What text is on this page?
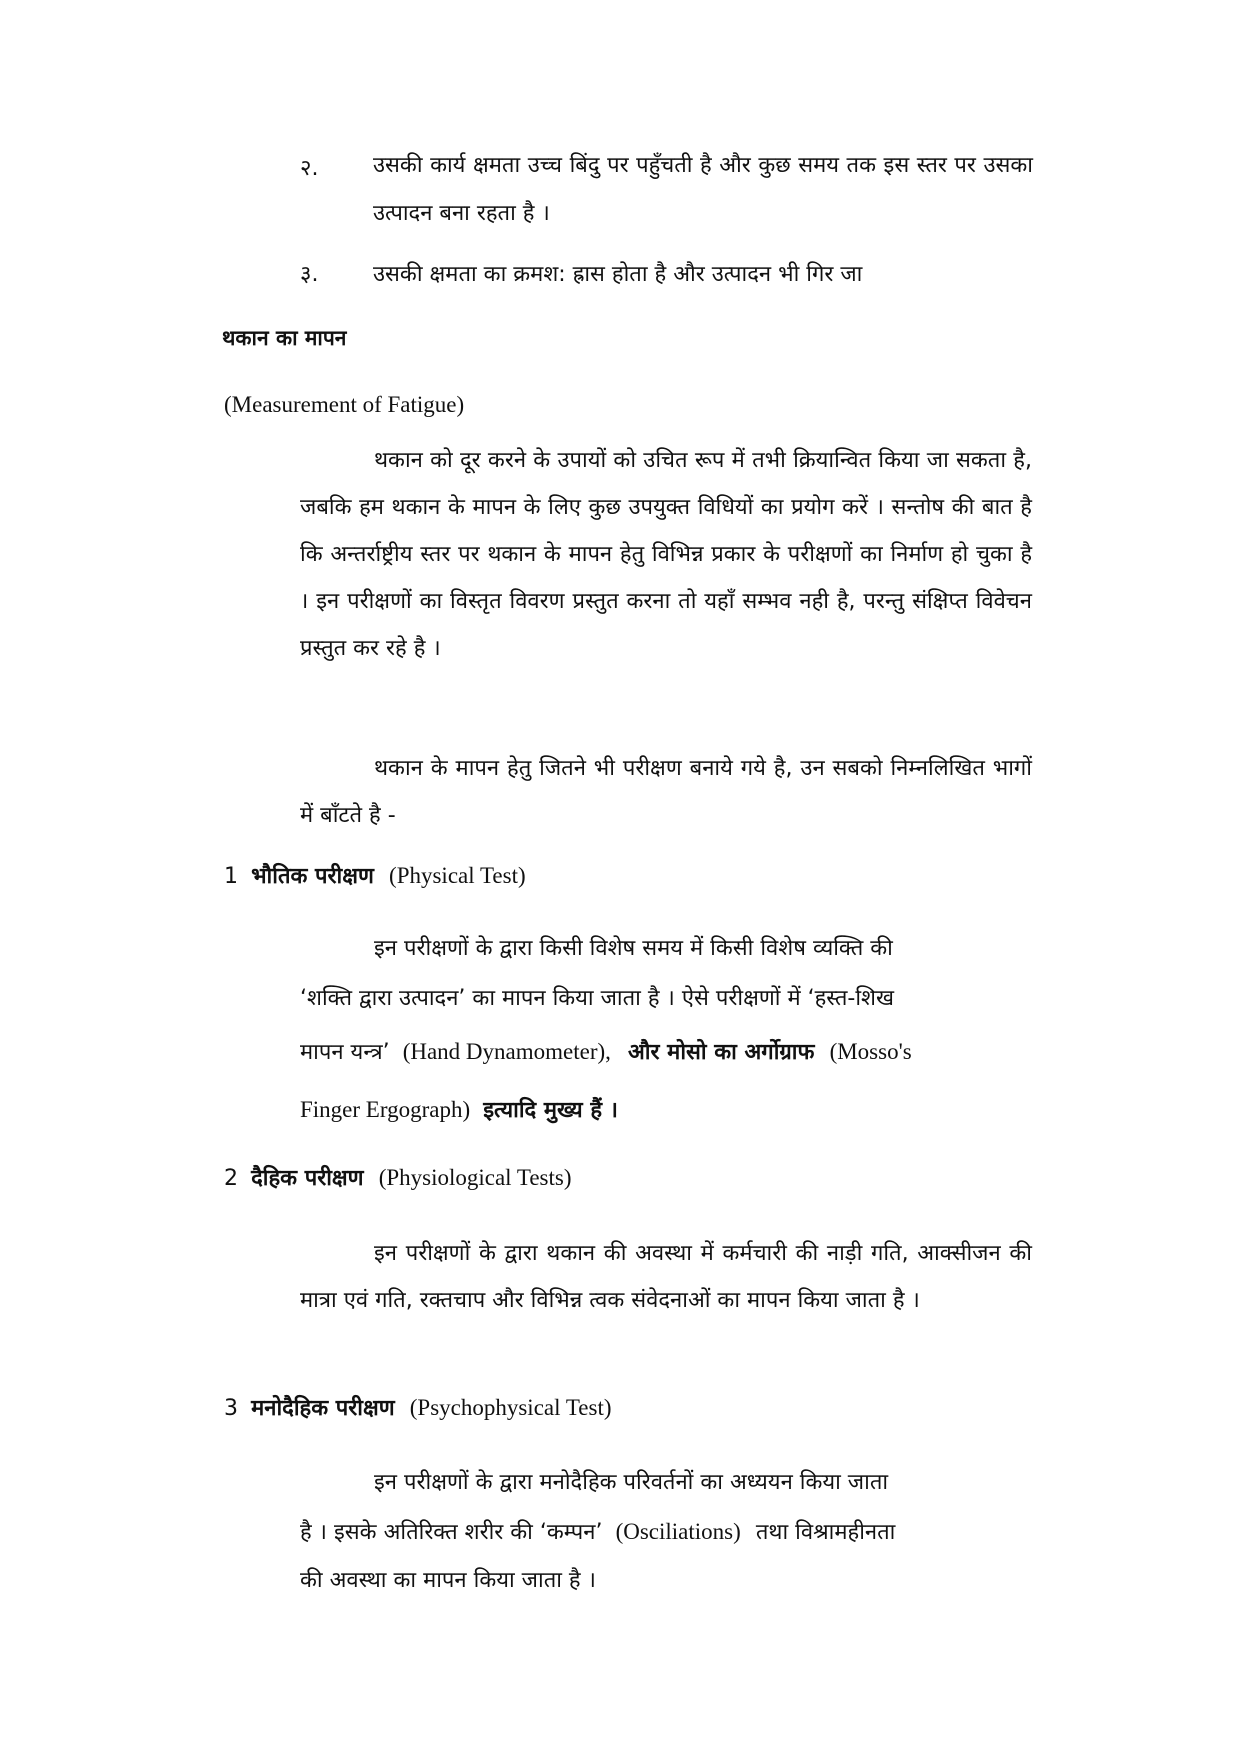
२. उसकी कार्य क्षमता उच्च बिंदु पर पहुँचती है और कुछ समय तक इस स्तर पर उसका उत्पादन बना रहता है ।
३. उसकी क्षमता का क्रमश: ह्रास होता है और उत्पादन भी गिर जा
थकान का मापन
(Measurement of Fatigue)
थकान को दूर करने के उपायों को उचित रूप में तभी क्रियान्वित किया जा सकता है, जबकि हम थकान के मापन के लिए कुछ उपयुक्त विधियों का प्रयोग करें । सन्तोष की बात है कि अन्तर्राष्ट्रीय स्तर पर थकान के मापन हेतु विभिन्न प्रकार के परीक्षणों का निर्माण हो चुका है । इन परीक्षणों का विस्तृत विवरण प्रस्तुत करना तो यहाँ सम्भव नही है, परन्तु संक्षिप्त विवेचन प्रस्तुत कर रहे है ।
थकान के मापन हेतु जितने भी परीक्षण बनाये गये है, उन सबको निम्नलिखित भागों में बाँटते है -
1 भौतिक परीक्षण (Physical Test)
इन परीक्षणों के द्वारा किसी विशेष समय में किसी विशेष व्यक्ति की
‘शक्ति द्वारा उत्पादन’ का मापन किया जाता है । ऐसे परीक्षणों में ‘हस्त-शिख
मापन यन्त्र’ (Hand Dynamometer), और मोसो का अर्गोग्राफ (Mosso's
Finger Ergograph) इत्यादि मुख्य हैं ।
2 दैहिक परीक्षण (Physiological Tests)
इन परीक्षणों के द्वारा थकान की अवस्था में कर्मचारी की नाड़ी गति, आक्सीजन की मात्रा एवं गति, रक्तचाप और विभिन्न त्वक संवेदनाओं का मापन किया जाता है ।
3 मनोदैहिक परीक्षण (Psychophysical Test)
इन परीक्षणों के द्वारा मनोदैहिक परिवर्तनों का अध्ययन किया जाता
है । इसके अतिरिक्त शरीर की ‘कम्पन’ (Osciliations) तथा विश्रामहीनता
की अवस्था का मापन किया जाता है ।
